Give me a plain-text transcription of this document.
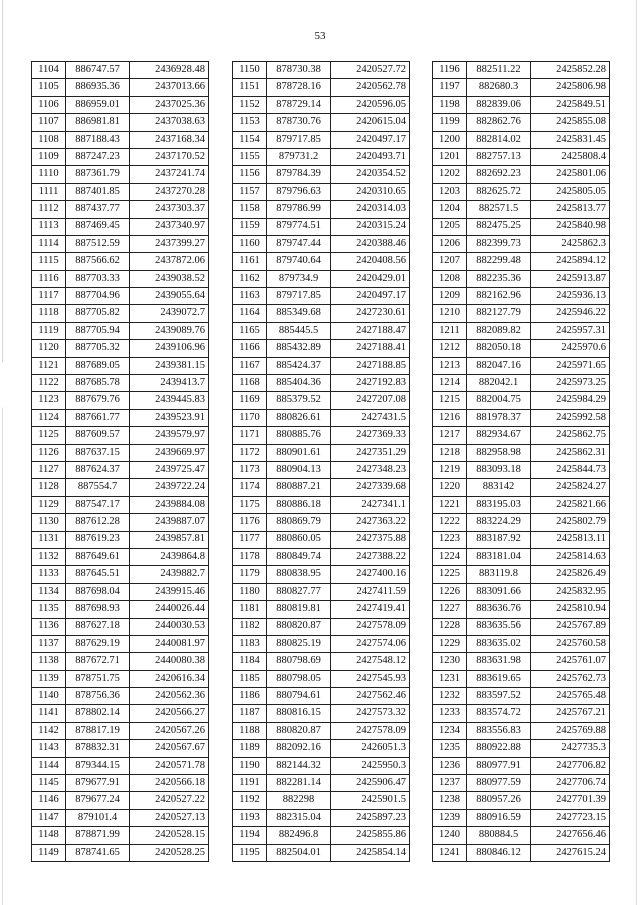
53
1104	886747.57	2436928.48
1105	886935.36	2437013.66
1106	886959.01	2437025.36
1107	886981.81	2437038.63
1108	887188.43	2437168.34
1109	887247.23	2437170.52
1110	887361.79	2437241.74
1111	887401.85	2437270.28
1112	887437.77	2437303.37
1113	887469.45	2437340.97
1114	887512.59	2437399.27
1115	887566.62	2437872.06
1116	887703.33	2439038.52
1117	887704.96	2439055.64
1118	887705.82	2439072.7
1119	887705.94	2439089.76
1120	887705.32	2439106.96
1121	887689.05	2439381.15
1122	887685.78	2439413.7
1123	887679.76	2439445.83
1124	887661.77	2439523.91
1125	887609.57	2439579.97
1126	887637.15	2439669.97
1127	887624.37	2439725.47
1128	887554.7	2439722.24
1129	887547.17	2439884.08
1130	887612.28	2439887.07
1131	887619.23	2439857.81
1132	887649.61	2439864.8
1133	887645.51	2439882.7
1134	887698.04	2439915.46
1135	887698.93	2440026.44
1136	887627.18	2440030.53
1137	887629.19	2440081.97
1138	887672.71	2440080.38
1139	878751.75	2420616.34
1140	878756.36	2420562.36
1141	878802.14	2420566.27
1142	878817.19	2420567.26
1143	878832.31	2420567.67
1144	879344.15	2420571.78
1145	879677.91	2420566.18
1146	879677.24	2420527.22
1147	879101.4	2420527.13
1148	878871.99	2420528.15
1149	878741.65	2420528.25
1150	878730.38	2420527.72
1151	878728.16	2420562.78
1152	878729.14	2420596.05
1153	878730.76	2420615.04
1154	879717.85	2420497.17
1155	879731.2	2420493.71
1156	879784.39	2420354.52
1157	879796.63	2420310.65
1158	879786.99	2420314.03
1159	879774.51	2420315.24
1160	879747.44	2420388.46
1161	879740.64	2420408.56
1162	879734.9	2420429.01
1163	879717.85	2420497.17
1164	885349.68	2427230.61
1165	885445.5	2427188.47
1166	885432.89	2427188.41
1167	885424.37	2427188.85
1168	885404.36	2427192.83
1169	885379.52	2427207.08
1170	880826.61	2427431.5
1171	880885.76	2427369.33
1172	880901.61	2427351.29
1173	880904.13	2427348.23
1174	880887.21	2427339.68
1175	880886.18	2427341.1
1176	880869.79	2427363.22
1177	880860.05	2427375.88
1178	880849.74	2427388.22
1179	880838.95	2427400.16
1180	880827.77	2427411.59
1181	880819.81	2427419.41
1182	880820.87	2427578.09
1183	880825.19	2427574.06
1184	880798.69	2427548.12
1185	880798.05	2427545.93
1186	880794.61	2427562.46
1187	880816.15	2427573.32
1188	880820.87	2427578.09
1189	882092.16	2426051.3
1190	882144.32	2425950.3
1191	882281.14	2425906.47
1192	882298	2425901.5
1193	882315.04	2425897.23
1194	882496.8	2425855.86
1195	882504.01	2425854.14
1196	882511.22	2425852.28
1197	882680.3	2425806.98
1198	882839.06	2425849.51
1199	882862.76	2425855.08
1200	882814.02	2425831.45
1201	882757.13	2425808.4
1202	882692.23	2425801.06
1203	882625.72	2425805.05
1204	882571.5	2425813.77
1205	882475.25	2425840.98
1206	882399.73	2425862.3
1207	882299.48	2425894.12
1208	882235.36	2425913.87
1209	882162.96	2425936.13
1210	882127.79	2425946.22
1211	882089.82	2425957.31
1212	882050.18	2425970.6
1213	882047.16	2425971.65
1214	882042.1	2425973.25
1215	882004.75	2425984.29
1216	881978.37	2425992.58
1217	882934.67	2425862.75
1218	882958.98	2425862.31
1219	883093.18	2425844.73
1220	883142	2425824.27
1221	883195.03	2425821.66
1222	883224.29	2425802.79
1223	883187.92	2425813.11
1224	883181.04	2425814.63
1225	883119.8	2425826.49
1226	883091.66	2425832.95
1227	883636.76	2425810.94
1228	883635.56	2425767.89
1229	883635.02	2425760.58
1230	883631.98	2425761.07
1231	883619.65	2425762.73
1232	883597.52	2425765.48
1233	883574.72	2425767.21
1234	883556.83	2425769.88
1235	880922.88	2427735.3
1236	880977.91	2427706.82
1237	880977.59	2427706.74
1238	880957.26	2427701.39
1239	880916.59	2427723.15
1240	880884.5	2427656.46
1241	880846.12	2427615.24
